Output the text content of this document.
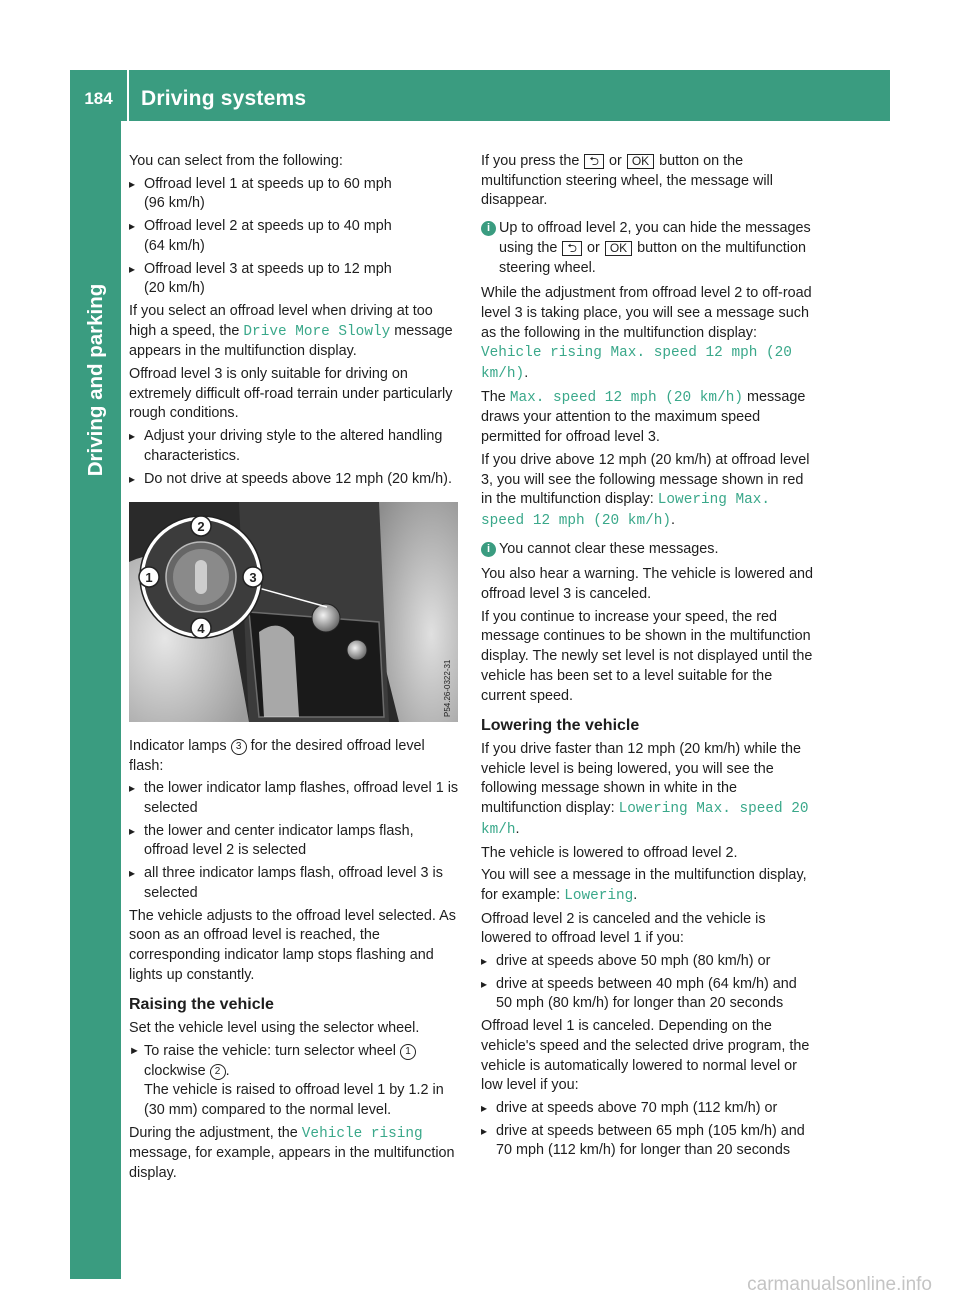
184	Driving systems
Driving and parking

You can select from the following:

▸ Offroad level 1 at speeds up to 60 mph
(96 km/h)
▸ Offroad level 2 at speeds up to 40 mph
(64 km/h)
▸ Offroad level 3 at speeds up to 12 mph
(20 km/h)

If you select an offroad level when driving at too high a speed, the Drive More Slowly message appears in the multifunction display.

Offroad level 3 is only suitable for driving on extremely difficult off-road terrain under particularly rough conditions.

▸ Adjust your driving style to the altered handling characteristics.
▸ Do not drive at speeds above 12 mph (20 km/h).
2
1	3
4
P54.26-0322-31

Indicator lamps 3 for the desired offroad level flash:

▸ the lower indicator lamp flashes, offroad level 1 is selected
▸ the lower and center indicator lamps flash, offroad level 2 is selected
▸ all three indicator lamps flash, offroad level 3 is selected

The vehicle adjusts to the offroad level selected. As soon as an offroad level is reached, the corresponding indicator lamp stops flashing and lights up constantly.

Raising the vehicle

Set the vehicle level using the selector wheel.

► To raise the vehicle: turn selector wheel 1 clockwise 2 .
The vehicle is raised to offroad level 1 by 1.2 in (30 mm) compared to the normal level.

During the adjustment, the Vehicle rising message, for example, appears in the multifunction display.

If you press the ⮌ or OK button on the multifunction steering wheel, the message will disappear.

i Up to offroad level 2, you can hide the messages using the ⮌ or OK button on the multifunction steering wheel.

While the adjustment from offroad level 2 to off-road level 3 is taking place, you will see a message such as the following in the multifunction display: Vehicle rising Max. speed 12 mph (20 km/h).

The Max. speed 12 mph (20 km/h) message draws your attention to the maximum speed permitted for offroad level 3.

If you drive above 12 mph (20 km/h) at offroad level 3, you will see the following message shown in red in the multifunction display: Lowering Max. speed 12 mph (20 km/h).

i You cannot clear these messages.

You also hear a warning. The vehicle is lowered and offroad level 3 is canceled.

If you continue to increase your speed, the red message continues to be shown in the multifunction display. The newly set level is not displayed until the vehicle has been set to a level suitable for the current speed.

Lowering the vehicle

If you drive faster than 12 mph (20 km/h) while the vehicle level is being lowered, you will see the following message shown in white in the multifunction display: Lowering Max. speed 20 km/h.

The vehicle is lowered to offroad level 2.

You will see a message in the multifunction display, for example: Lowering.

Offroad level 2 is canceled and the vehicle is lowered to offroad level 1 if you:

▸ drive at speeds above 50 mph (80 km/h) or
▸ drive at speeds between 40 mph (64 km/h) and 50 mph (80 km/h) for longer than 20 seconds

Offroad level 1 is canceled. Depending on the vehicle's speed and the selected drive program, the vehicle is automatically lowered to normal level or low level if you:

▸ drive at speeds above 70 mph (112 km/h) or
▸ drive at speeds between 65 mph (105 km/h) and 70 mph (112 km/h) for longer than 20 seconds
carmanualsonline.info
